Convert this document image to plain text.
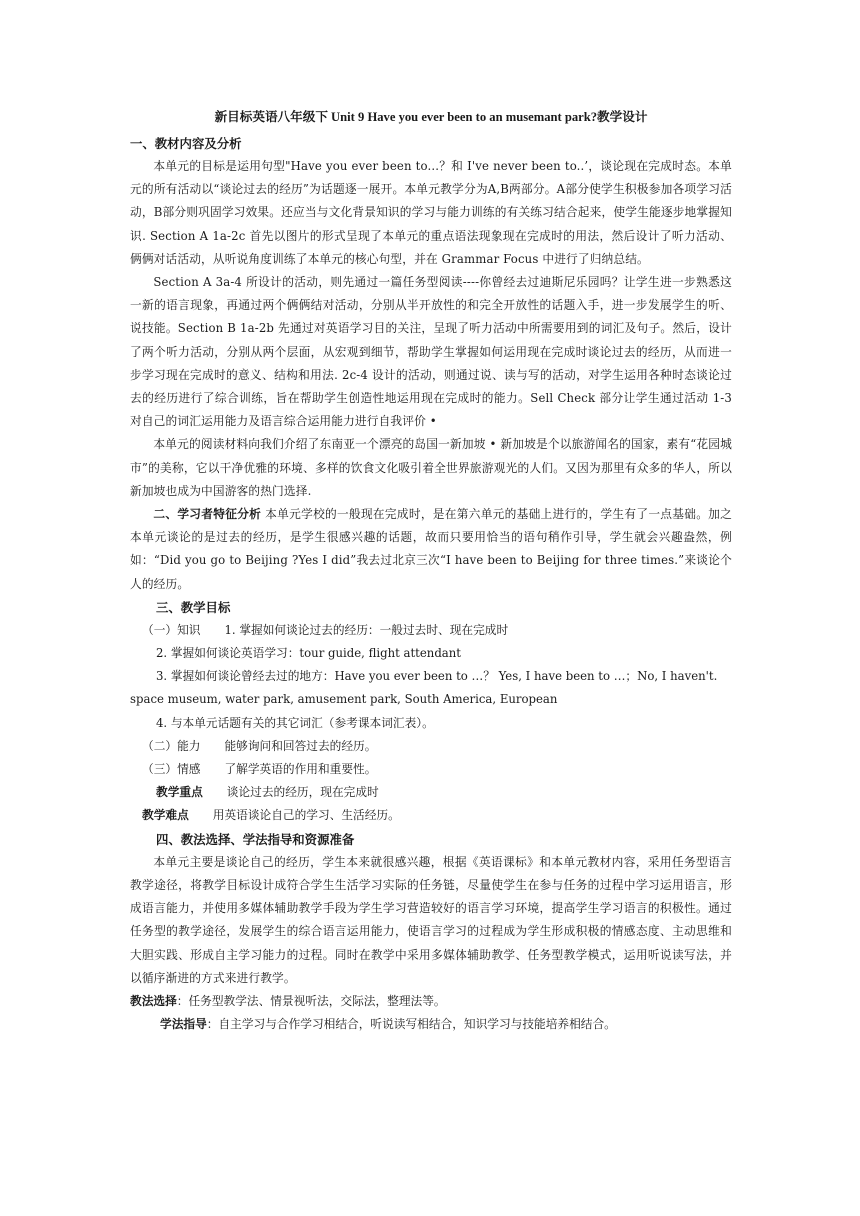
新目标英语八年级下 Unit 9 Have you ever been to an musemant park?教学设计

一、教材内容及分析

本单元的目标是运用句型"Have you ever been to...？和 I've never been to..’，谈论现在完成时态。本单元的所有活动以“谈论过去的经历”为话题逐一展开。本单元教学分为A,B两部分。A部分使学生积极参加各项学习活动，B部分则巩固学习效果。还应当与文化背景知识的学习与能力训练的有关练习结合起来，使学生能逐步地掌握知识. Section A 1a-2c 首先以图片的形式呈现了本单元的重点语法现象现在完成时的用法，然后设计了听力活动、俩俩对话活动，从听说角度训练了本单元的核心句型，并在 Grammar Focus 中进行了归纳总结。

Section A 3a-4 所设计的活动，则先通过一篇任务型阅读----你曾经去过迪斯尼乐园吗？让学生进一步熟悉这一新的语言现象，再通过两个俩俩结对活动，分别从半开放性的和完全开放性的话题入手，进一步发展学生的听、说技能。Section B 1a-2b 先通过对英语学习目的关注，呈现了听力活动中所需要用到的词汇及句子。然后，设计了两个听力活动，分别从两个层面，从宏观到细节，帮助学生掌握如何运用现在完成时谈论过去的经历，从而进一步学习现在完成时的意义、结构和用法. 2c-4 设计的活动，则通过说、读与写的活动，对学生运用各种时态谈论过去的经历进行了综合训练，旨在帮助学生创造性地运用现在完成时的能力。Sell Check 部分让学生通过活动 1-3 对自己的词汇运用能力及语言综合运用能力进行自我评价 •

本单元的阅读材料向我们介绍了东南亚一个漂亮的岛国一新加坡 • 新加坡是个以旅游闻名的国家，素有“花园城市”的美称，它以干净优雅的环境、多样的饮食文化吸引着全世界旅游观光的人们。又因为那里有众多的华人，所以新加坡也成为中国游客的热门选择.

二、学习者特征分析 本单元学校的一般现在完成时，是在第六单元的基础上进行的，学生有了一点基础。加之本单元谈论的是过去的经历，是学生很感兴趣的话题，故而只要用恰当的语句稍作引导，学生就会兴趣盎然，例如：“Did you go to Beijing ?Yes I did”我去过北京三次“I have been to Beijing for three times.”来谈论个人的经历。

三、教学目标

（一）知识 1. 掌握如何谈论过去的经历：一般过去时、现在完成时

2. 掌握如何谈论英语学习：tour guide, flight attendant

3. 掌握如何谈论曾经去过的地方：Have you ever been to …？ Yes, I have been to …；No, I haven't.

space museum, water park, amusement park, South America, European

4. 与本单元话题有关的其它词汇（参考课本词汇表）。

（二）能力 能够询问和回答过去的经历。

（三）情感 了解学英语的作用和重要性。

教学重点 谈论过去的经历，现在完成时

教学难点 用英语谈论自己的学习、生活经历。

四、教法选择、学法指导和资源准备

本单元主要是谈论自己的经历，学生本来就很感兴趣，根据《英语课标》和本单元教材内容，采用任务型语言教学途径，将教学目标设计成符合学生生活学习实际的任务链，尽量使学生在参与任务的过程中学习运用语言，形成语言能力，并使用多媒体辅助教学手段为学生学习营造较好的语言学习环境，提高学生学习语言的积极性。通过任务型的教学途径，发展学生的综合语言运用能力，使语言学习的过程成为学生形成积极的情感态度、主动思维和大胆实践、形成自主学习能力的过程。同时在教学中采用多媒体辅助教学、任务型教学模式，运用听说读写法，并以循序渐进的方式来进行教学。

教法选择：任务型教学法、情景视听法，交际法，整理法等。

学法指导：自主学习与合作学习相结合，听说读写相结合，知识学习与技能培养相结合。
